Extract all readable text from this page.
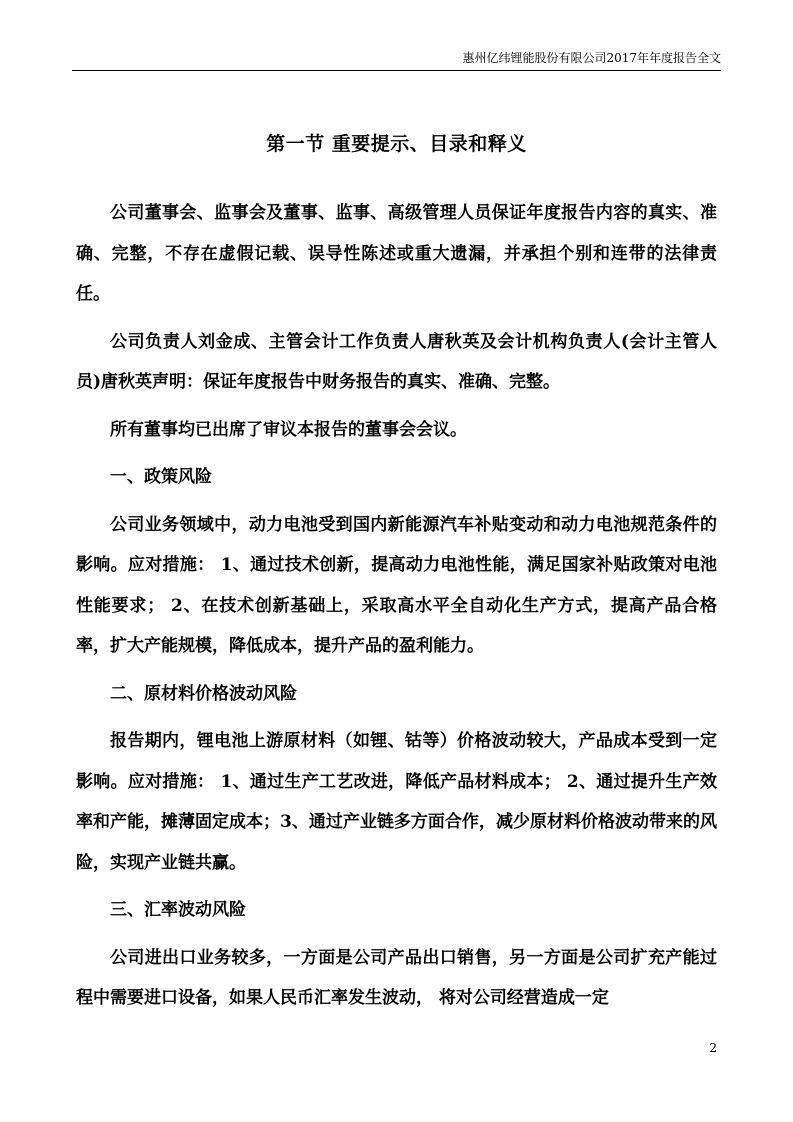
惠州亿纬锂能股份有限公司2017年年度报告全文
第一节 重要提示、目录和释义

公司董事会、监事会及董事、监事、高级管理人员保证年度报告内容的真实、准确、完整，不存在虚假记载、误导性陈述或重大遗漏，并承担个别和连带的法律责任。

公司负责人刘金成、主管会计工作负责人唐秋英及会计机构负责人(会计主管人员)唐秋英声明：保证年度报告中财务报告的真实、准确、完整。

所有董事均已出席了审议本报告的董事会会议。

一、政策风险

公司业务领域中，动力电池受到国内新能源汽车补贴变动和动力电池规范条件的影响。应对措施： 1、通过技术创新，提高动力电池性能，满足国家补贴政策对电池性能要求； 2、在技术创新基础上，采取高水平全自动化生产方式，提高产品合格率，扩大产能规模，降低成本，提升产品的盈利能力。

二、原材料价格波动风险

报告期内，锂电池上游原材料（如锂、钴等）价格波动较大，产品成本受到一定影响。应对措施： 1、通过生产工艺改进，降低产品材料成本； 2、通过提升生产效率和产能，摊薄固定成本；3、通过产业链多方面合作，减少原材料价格波动带来的风险，实现产业链共赢。

三、汇率波动风险

公司进出口业务较多，一方面是公司产品出口销售，另一方面是公司扩充产能过程中需要进口设备，如果人民币汇率发生波动， 将对公司经营造成一定

2
